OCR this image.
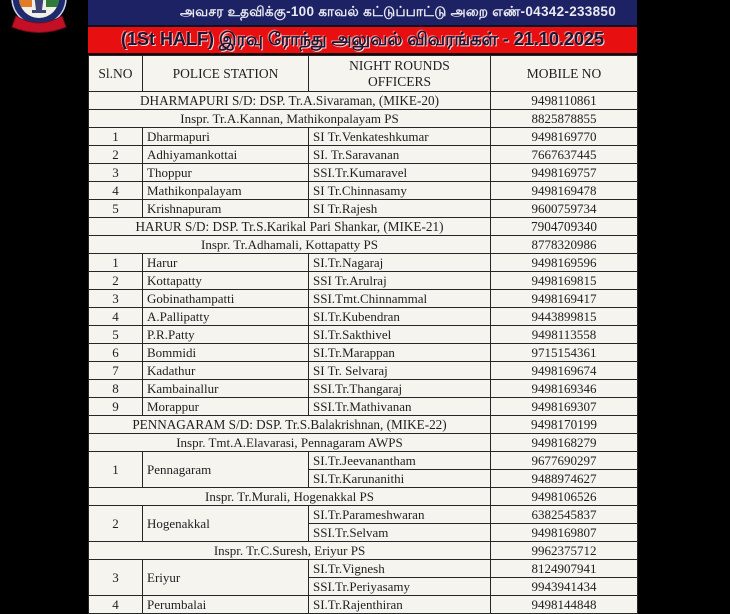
அவசர உதவிக்கு-100 காவல் கட்டுப்பாட்டு அறை எண்-04342-233850
(1St HALF) இரவு ரோந்து அலுவல் விவரங்கள் - 21.10.2025
Sl.NO	POLICE STATION	NIGHT ROUNDS OFFICERS	MOBILE NO
DHARMAPURI S/D: DSP. Tr.A.Sivaraman, (MIKE-20)			9498110861
Inspr. Tr.A.Kannan, Mathikonpalayam PS			8825878855
1	Dharmapuri	SI Tr.Venkateshkumar	9498169770
2	Adhiyamankottai	SI. Tr.Saravanan	7667637445
3	Thoppur	SSI.Tr.Kumaravel	9498169757
4	Mathikonpalayam	SI Tr.Chinnasamy	9498169478
5	Krishnapuram	SI Tr.Rajesh	9600759734
HARUR S/D: DSP. Tr.S.Karikal Pari Shankar, (MIKE-21)			7904709340
Inspr. Tr.Adhamali, Kottapatty PS			8778320986
1	Harur	SI.Tr.Nagaraj	9498169596
2	Kottapatty	SSI Tr.Arulraj	9498169815
3	Gobinathampatti	SSI.Tmt.Chinnammal	9498169417
4	A.Pallipatty	SI.Tr.Kubendran	9443899815
5	P.R.Patty	SI.Tr.Sakthivel	9498113558
6	Bommidi	SI.Tr.Marappan	9715154361
7	Kadathur	SI Tr. Selvaraj	9498169674
8	Kambainallur	SSI.Tr.Thangaraj	9498169346
9	Morappur	SSI.Tr.Mathivanan	9498169307
PENNAGARAM S/D: DSP. Tr.S.Balakrishnan, (MIKE-22)			9498170199
Inspr. Tmt.A.Elavarasi, Pennagaram AWPS			9498168279
1	Pennagaram	SI.Tr.Jeevanantham	9677690297
		SI.Tr.Karunanithi	9488974627
Inspr. Tr.Murali, Hogenakkal PS			9498106526
2	Hogenakkal	SI.Tr.Parameshwaran	6382545837
		SSI.Tr.Selvam	9498169807
Inspr. Tr.C.Suresh, Eriyur PS			9962375712
3	Eriyur	SI.Tr.Vignesh	8124907941
		SSI.Tr.Periyasamy	9943941434
4	Perumbalai	SI.Tr.Rajenthiran	9498144848
